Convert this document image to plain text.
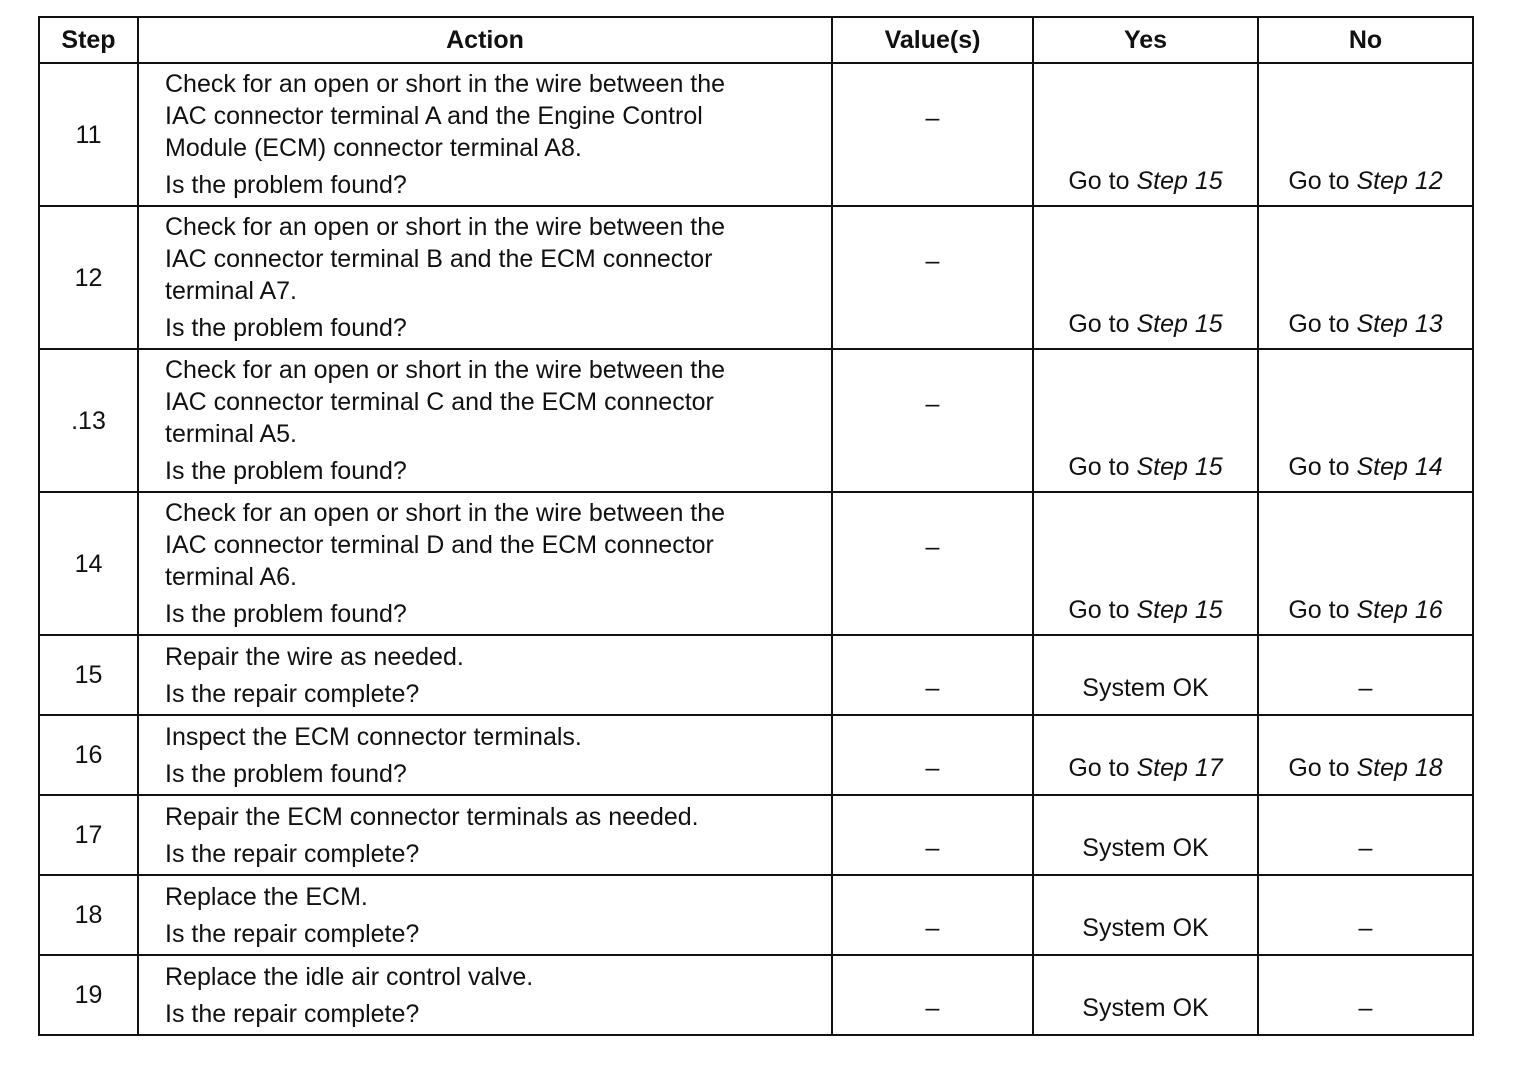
Step	Action	Value(s)	Yes	No
11	Check for an open or short in the wire between the
IAC connector terminal A and the Engine Control
Module (ECM) connector terminal A8.
Is the problem found?	–	Go to Step 15	Go to Step 12
12	Check for an open or short in the wire between the
IAC connector terminal B and the ECM connector
terminal A7.
Is the problem found?	–	Go to Step 15	Go to Step 13
.13	Check for an open or short in the wire between the
IAC connector terminal C and the ECM connector
terminal A5.
Is the problem found?	–	Go to Step 15	Go to Step 14
14	Check for an open or short in the wire between the
IAC connector terminal D and the ECM connector
terminal A6.
Is the problem found?	–	Go to Step 15	Go to Step 16
15	Repair the wire as needed.
Is the repair complete?	–	System OK	–
16	Inspect the ECM connector terminals.
Is the problem found?	–	Go to Step 17	Go to Step 18
17	Repair the ECM connector terminals as needed.
Is the repair complete?	–	System OK	–
18	Replace the ECM.
Is the repair complete?	–	System OK	–
19	Replace the idle air control valve.
Is the repair complete?	–	System OK	–
